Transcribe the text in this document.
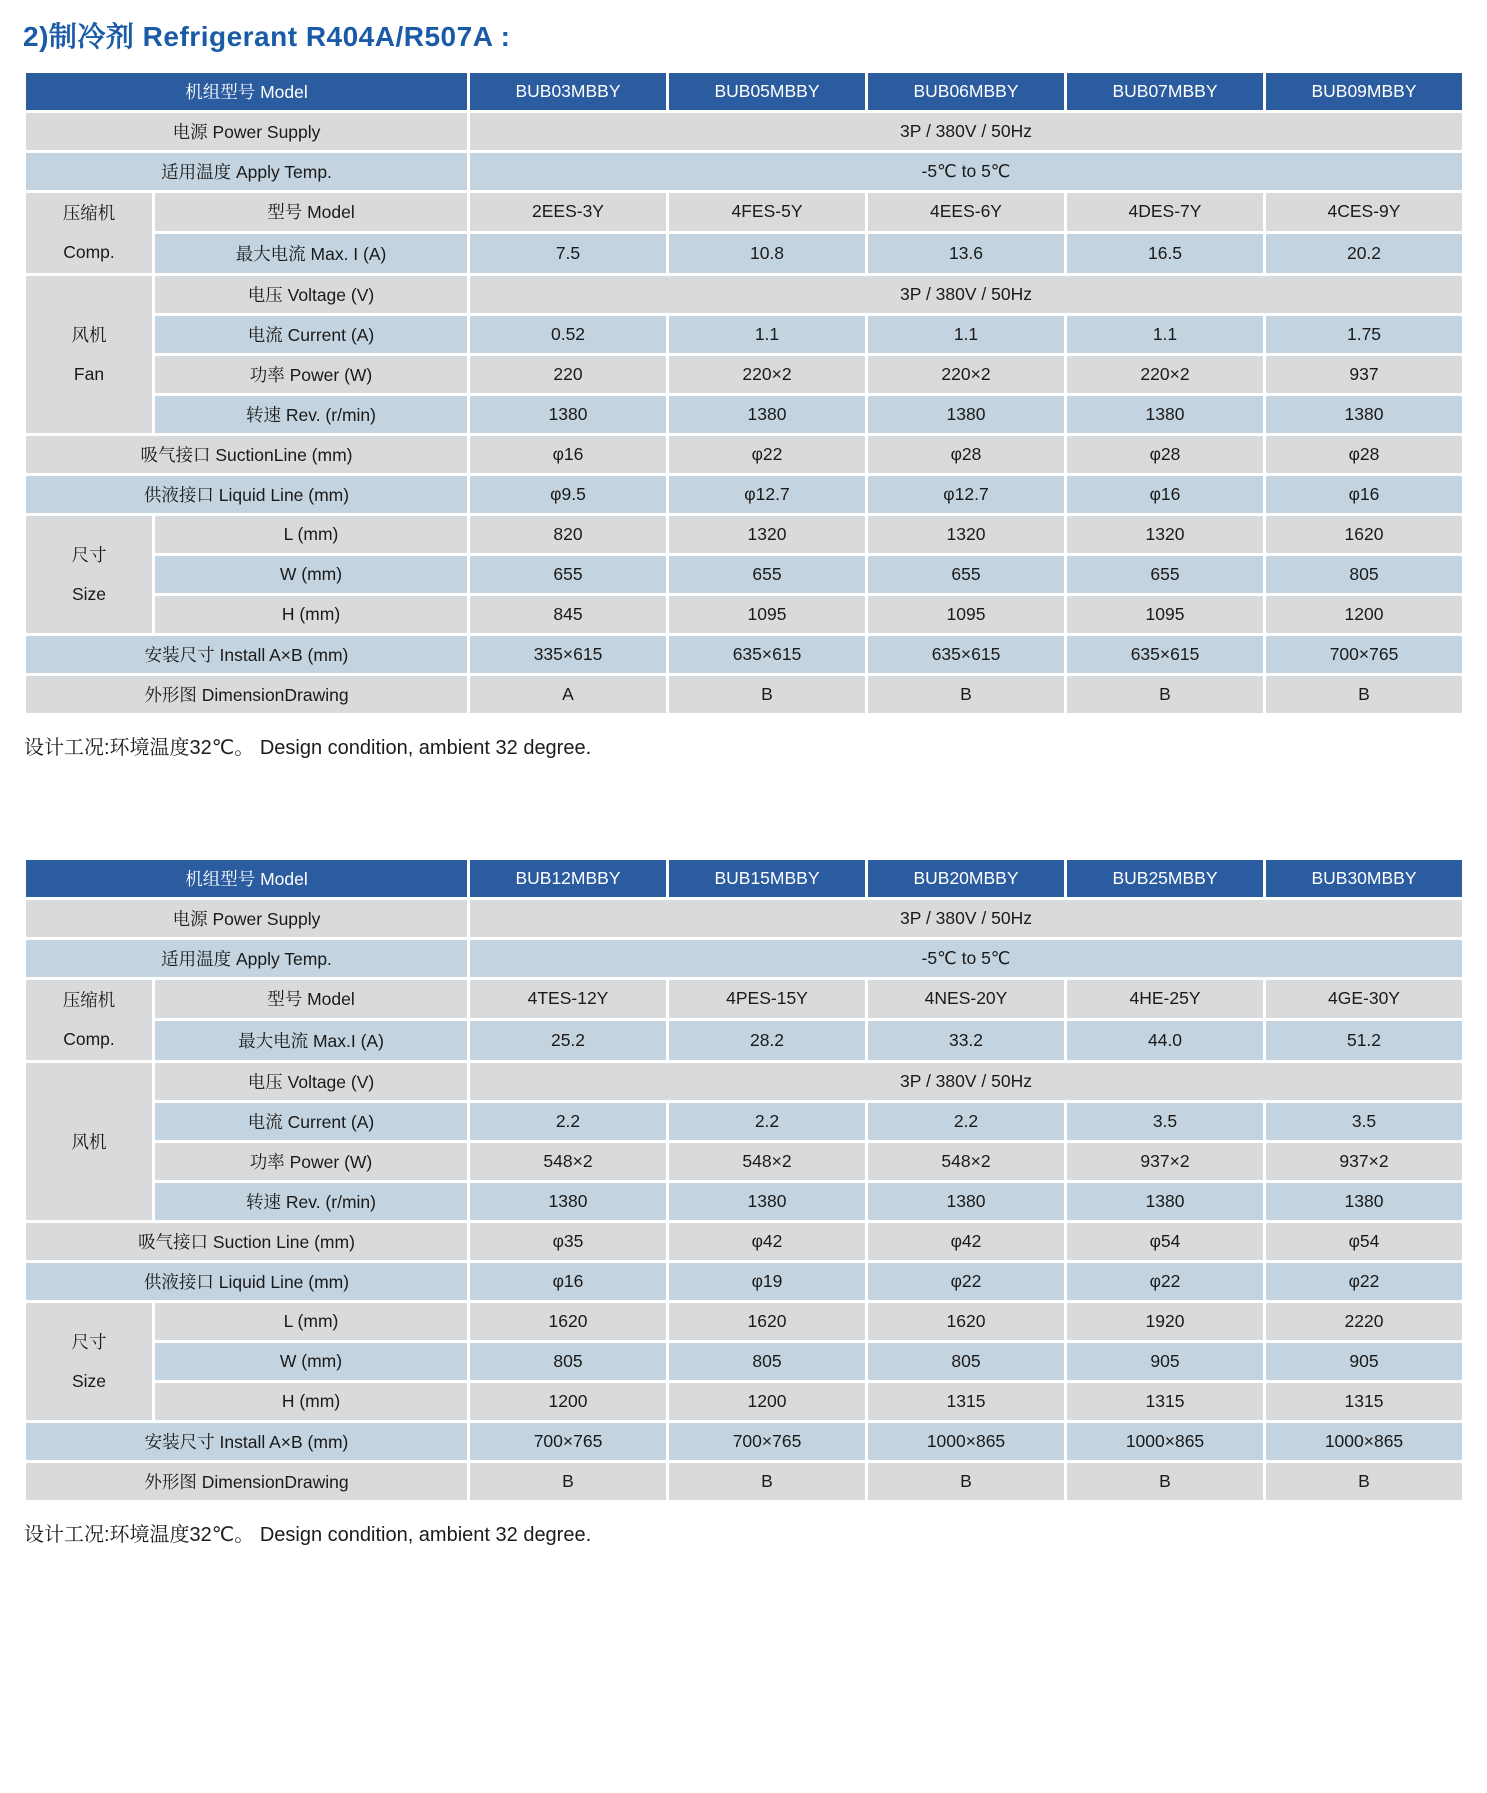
2)制冷剂 Refrigerant R404A/R507A :
机组型号 Model		BUB03MBBY	BUB05MBBY	BUB06MBBY	BUB07MBBY	BUB09MBBY
电源 Power Supply		3P / 380V / 50Hz				
适用温度 Apply Temp.		-5℃ to 5℃				

压缩机
Comp.	型号 Model	2EES-3Y	4FES-5Y	4EES-6Y	4DES-7Y	4CES-9Y
	最大电流 Max. I (A)	7.5	10.8	13.6	16.5	20.2

风机
Fan	电压 Voltage (V)	3P / 380V / 50Hz				
	电流 Current (A)	0.52	1.1	1.1	1.1	1.75
	功率 Power (W)	220	220×2	220×2	220×2	937
	转速 Rev. (r/min)	1380	1380	1380	1380	1380
吸气接口 SuctionLine (mm)		φ16	φ22	φ28	φ28	φ28
供液接口 Liquid Line (mm)		φ9.5	φ12.7	φ12.7	φ16	φ16

尺寸
Size	L (mm)	820	1320	1320	1320	1620
	W (mm)	655	655	655	655	805
	H (mm)	845	1095	1095	1095	1200
安装尺寸 Install A×B (mm)		335×615	635×615	635×615	635×615	700×765
外形图 DimensionDrawing		A	B	B	B	B

设计工况:环境温度32℃。 Design condition, ambient 32 degree.

机组型号 Model		BUB12MBBY	BUB15MBBY	BUB20MBBY	BUB25MBBY	BUB30MBBY
电源 Power Supply		3P / 380V / 50Hz				
适用温度 Apply Temp.		-5℃ to 5℃				

压缩机
Comp.	型号 Model	4TES-12Y	4PES-15Y	4NES-20Y	4HE-25Y	4GE-30Y
	最大电流 Max.I (A)	25.2	28.2	33.2	44.0	51.2

风机	电压 Voltage (V)	3P / 380V / 50Hz				
	电流 Current (A)	2.2	2.2	2.2	3.5	3.5
	功率 Power (W)	548×2	548×2	548×2	937×2	937×2
	转速 Rev. (r/min)	1380	1380	1380	1380	1380
吸气接口 Suction Line (mm)		φ35	φ42	φ42	φ54	φ54
供液接口 Liquid Line (mm)		φ16	φ19	φ22	φ22	φ22

尺寸
Size	L (mm)	1620	1620	1620	1920	2220
	W (mm)	805	805	805	905	905
	H (mm)	1200	1200	1315	1315	1315
安装尺寸 Install A×B (mm)		700×765	700×765	1000×865	1000×865	1000×865
外形图 DimensionDrawing		B	B	B	B	B

设计工况:环境温度32℃。 Design condition, ambient 32 degree.
